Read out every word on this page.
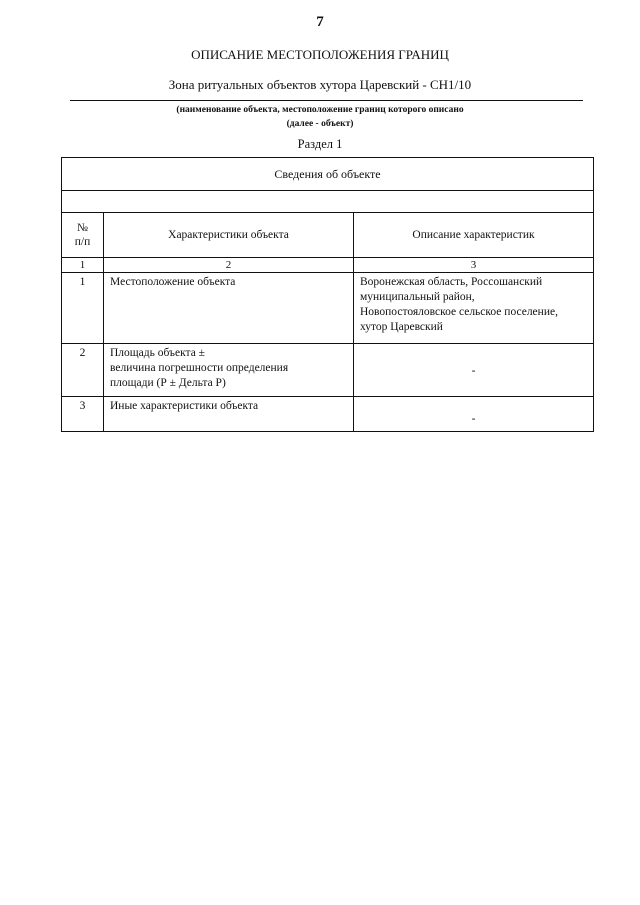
7
ОПИСАНИЕ МЕСТОПОЛОЖЕНИЯ ГРАНИЦ
Зона ритуальных объектов хутора Царевский - СН1/10
(наименование объекта, местоположение границ которого описано
(далее - объект)
Раздел 1
Сведения об объекте		

№
п/п	Характеристики объекта	Описание характеристик
1	2	3
1	Местоположение объекта	Воронежская область, Россошанский
муниципальный район,
Новопостояловское сельское поселение,
хутор Царевский

2	Площадь объекта ±
величина погрешности определения
площади (Р ± Дельта Р)	-
3	Иные характеристики объекта	-
